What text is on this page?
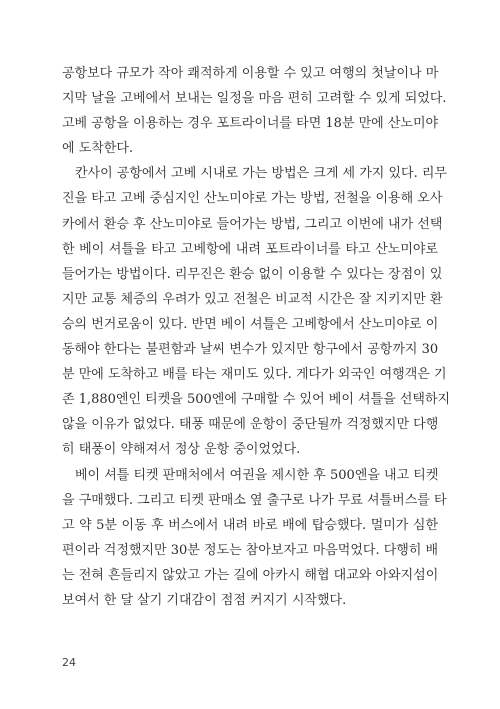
공항보다 규모가 작아 쾌적하게 이용할 수 있고 여행의 첫날이나 마
지막 날을 고베에서 보내는 일정을 마음 편히 고려할 수 있게 되었다.
고베 공항을 이용하는 경우 포트라이너를 타면 18분 만에 산노미야
에 도착한다.
칸사이 공항에서 고베 시내로 가는 방법은 크게 세 가지 있다. 리무
진을 타고 고베 중심지인 산노미야로 가는 방법, 전철을 이용해 오사
카에서 환승 후 산노미야로 들어가는 방법, 그리고 이번에 내가 선택
한 베이 셔틀을 타고 고베항에 내려 포트라이너를 타고 산노미야로
들어가는 방법이다. 리무진은 환승 없이 이용할 수 있다는 장점이 있
지만 교통 체증의 우려가 있고 전철은 비교적 시간은 잘 지키지만 환
승의 번거로움이 있다. 반면 베이 셔틀은 고베항에서 산노미야로 이
동해야 한다는 불편함과 날씨 변수가 있지만 항구에서 공항까지 30
분 만에 도착하고 배를 타는 재미도 있다. 게다가 외국인 여행객은 기
존 1,880엔인 티켓을 500엔에 구매할 수 있어 베이 셔틀을 선택하지
않을 이유가 없었다. 태풍 때문에 운항이 중단될까 걱정했지만 다행
히 태풍이 약해져서 정상 운항 중이었었다.
베이 셔틀 티켓 판매처에서 여권을 제시한 후 500엔을 내고 티켓
을 구매했다. 그리고 티켓 판매소 옆 출구로 나가 무료 셔틀버스를 타
고 약 5분 이동 후 버스에서 내려 바로 배에 탑승했다. 멀미가 심한
편이라 걱정했지만 30분 정도는 참아보자고 마음먹었다. 다행히 배
는 전혀 흔들리지 않았고 가는 길에 아카시 해협 대교와 아와지섬이
보여서 한 달 살기 기대감이 점점 커지기 시작했다.
24
